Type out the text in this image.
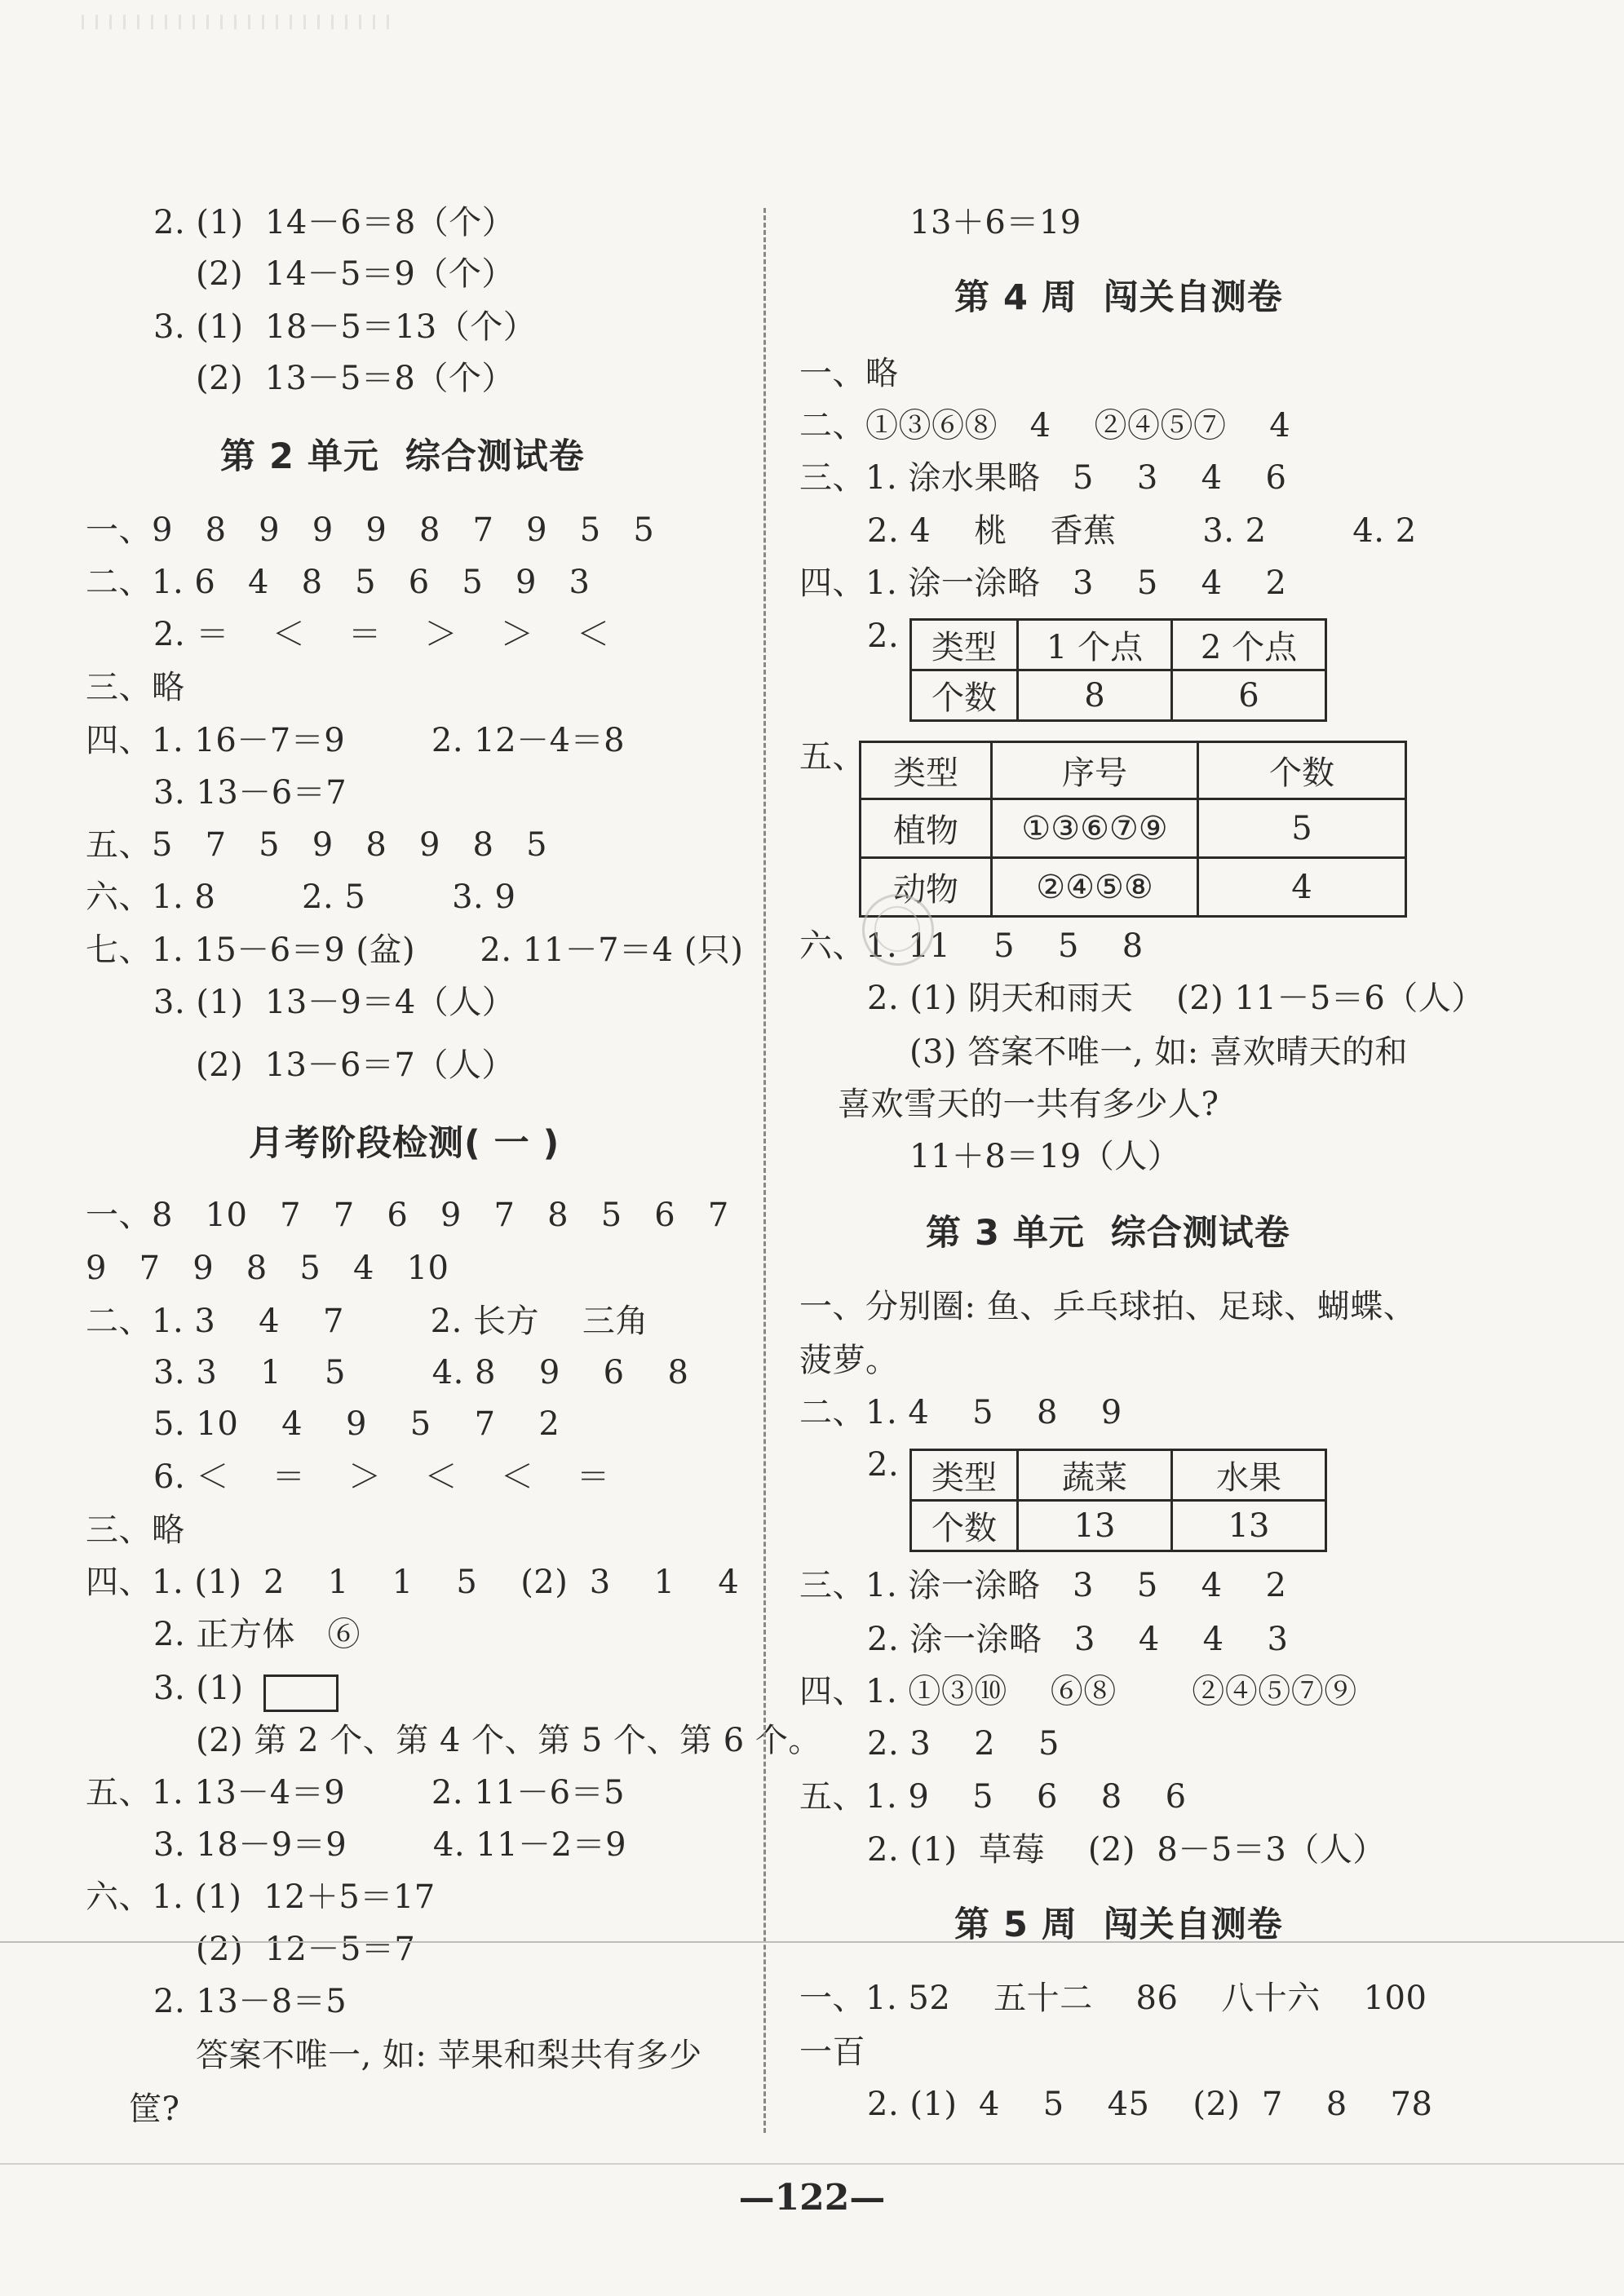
2. (1)  14－6＝8（个）
(2)  14－5＝9（个）
3. (1)  18－5＝13（个）
(2)  13－5＝8（个）
第 2 单元  综合测试卷
一、9   8   9   9   9   8   7   9   5   5
二、1. 6   4   8   5   6   5   9   3
2. ＝    ＜    ＝    ＞    ＞    ＜
三、略
四、1. 16－7＝9        2. 12－4＝8
3. 13－6＝7
五、5   7   5   9   8   9   8   5
六、1. 8        2. 5        3. 9
七、1. 15－6＝9 (盆)      2. 11－7＝4 (只)
3. (1)  13－9＝4（人）
(2)  13－6＝7（人）
月考阶段检测( 一 )
一、8   10   7   7   6   9   7   8   5   6   7
9   7   9   8   5   4   10
二、1. 3    4    7        2. 长方    三角
3. 3    1    5        4. 8    9    6    8
5. 10    4    9    5    7    2
6. ＜    ＝    ＞    ＜    ＜    ＝
三、略
四、1. (1)  2    1    1    5    (2)  3    1    4
2. 正方体   ⑥
3. (1)
(2) 第 2 个、第 4 个、第 5 个、第 6 个。
五、1. 13－4＝9        2. 11－6＝5
3. 18－9＝9        4. 11－2＝9
六、1. (1)  12＋5＝17
(2)  12－5＝7
2. 13－8＝5
答案不唯一, 如: 苹果和梨共有多少
筐?
13＋6＝19
第 4 周  闯关自测卷
一、略
二、①③⑥⑧   4    ②④⑤⑦    4
三、1. 涂水果略   5    3    4    6
2. 4    桃    香蕉        3. 2        4. 2
四、1. 涂一涂略   3    5    4    2
2. 类型	1 个点	2 个点
个数	8	6
五、 类型	序号	个数
植物	①③⑥⑦⑨	5
动物	②④⑤⑧	4
六、1. 11    5    5    8
2. (1) 阴天和雨天    (2) 11－5＝6（人）
(3) 答案不唯一, 如: 喜欢晴天的和
喜欢雪天的一共有多少人?
11＋8＝19（人）
第 3 单元  综合测试卷
一、分别圈: 鱼、乒乓球拍、足球、蝴蝶、
菠萝。
二、1. 4    5    8    9
2. 类型	蔬菜	水果
个数	13	13
三、1. 涂一涂略   3    5    4    2
2. 涂一涂略   3    4    4    3
四、1. ①③⑩    ⑥⑧       ②④⑤⑦⑨
2. 3    2    5
五、1. 9    5    6    8    6
2. (1)  草莓    (2)  8－5＝3（人）
第 5 周  闯关自测卷
一、1. 52    五十二    86    八十六    100
一百
2. (1)  4    5    45    (2)  7    8    78
—122—
